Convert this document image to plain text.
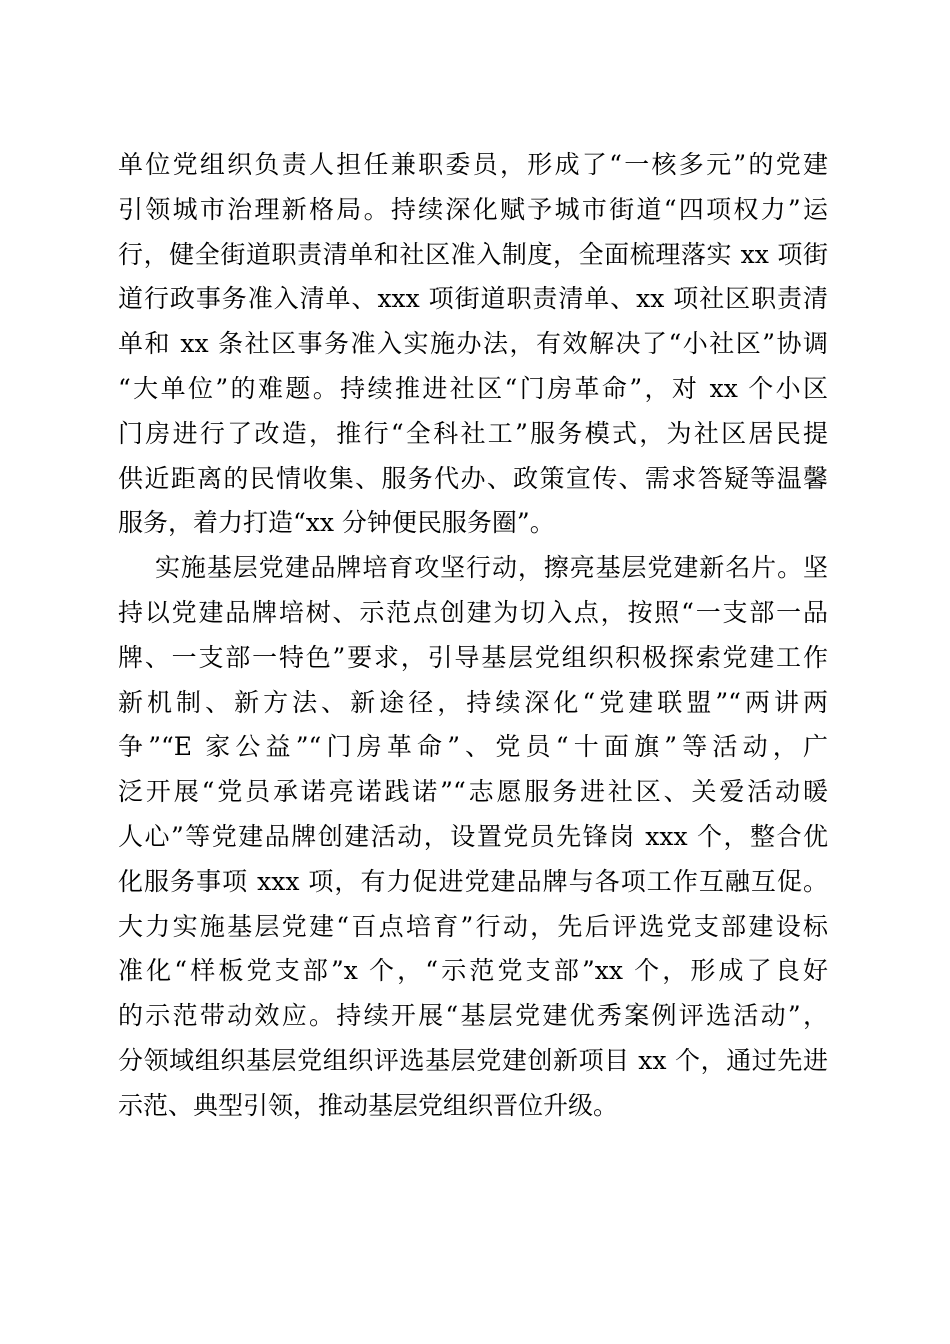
单位党组织负责人担任兼职委员，形成了“一核多元”的党建
引领城市治理新格局。持续深化赋予城市街道“四项权力”运
行，健全街道职责清单和社区准入制度，全面梳理落实 xx 项街
道行政事务准入清单、xxx 项街道职责清单、xx 项社区职责清
单和 xx 条社区事务准入实施办法，有效解决了“小社区”协调
“大单位”的难题。持续推进社区“门房革命”，对 xx 个小区
门房进行了改造，推行“全科社工”服务模式，为社区居民提
供近距离的民情收集、服务代办、政策宣传、需求答疑等温馨
服务，着力打造“xx 分钟便民服务圈”。
实施基层党建品牌培育攻坚行动，擦亮基层党建新名片。坚
持以党建品牌培树、示范点创建为切入点，按照“一支部一品
牌、一支部一特色”要求，引导基层党组织积极探索党建工作
新机制、新方法、新途径，持续深化“党建联盟”“两讲两
争”“E 家公益”“门房革命”、党员“十面旗”等活动，广
泛开展“党员承诺亮诺践诺”“志愿服务进社区、关爱活动暖
人心”等党建品牌创建活动，设置党员先锋岗 xxx 个，整合优
化服务事项 xxx 项，有力促进党建品牌与各项工作互融互促。
大力实施基层党建“百点培育”行动，先后评选党支部建设标
准化“样板党支部”x 个，“示范党支部”xx 个，形成了良好
的示范带动效应。持续开展“基层党建优秀案例评选活动”，
分领域组织基层党组织评选基层党建创新项目 xx 个，通过先进
示范、典型引领，推动基层党组织晋位升级。
